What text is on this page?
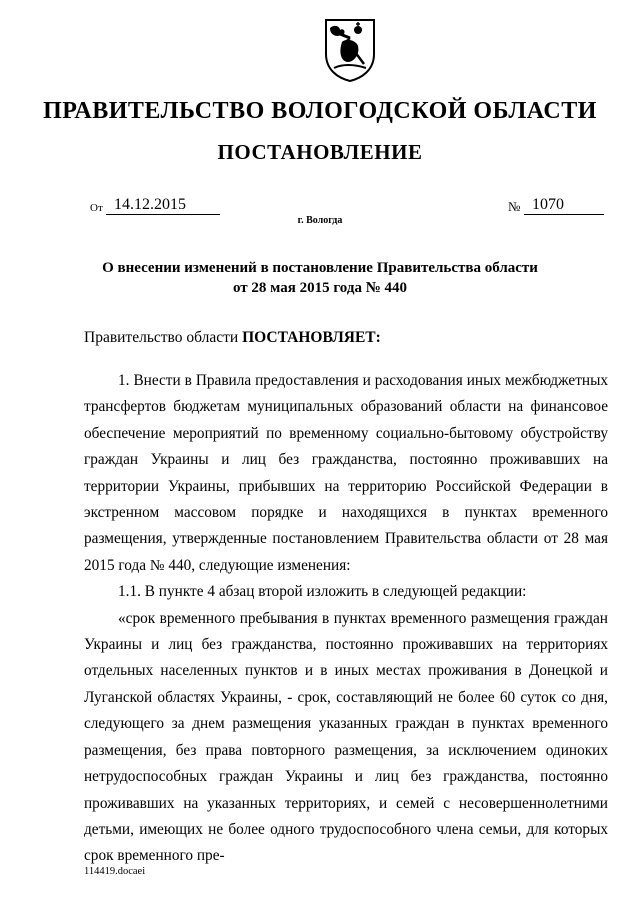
ПРАВИТЕЛЬСТВО ВОЛОГОДСКОЙ ОБЛАСТИ
ПОСТАНОВЛЕНИЕ
От 14.12.2015	№ 1070
г. Вологда
О внесении изменений в постановление Правительства области
от 28 мая 2015 года № 440
Правительство области ПОСТАНОВЛЯЕТ:

1. Внести в Правила предоставления и расходования иных межбюджетных трансфертов бюджетам муниципальных образований области на финансовое обеспечение мероприятий по временному социально-бытовому обустройству граждан Украины и лиц без гражданства, постоянно проживавших на территории Украины, прибывших на территорию Российской Федерации в экстренном массовом порядке и находящихся в пунктах временного размещения, утвержденные постановлением Правительства области от 28 мая 2015 года № 440, следующие изменения:

1.1. В пункте 4 абзац второй изложить в следующей редакции:

«срок временного пребывания в пунктах временного размещения граждан Украины и лиц без гражданства, постоянно проживавших на территориях отдельных населенных пунктов и в иных местах проживания в Донецкой и Луганской областях Украины, - срок, составляющий не более 60 суток со дня, следующего за днем размещения указанных граждан в пунктах временного размещения, без права повторного размещения, за исключением одиноких нетрудоспособных граждан Украины и лиц без гражданства, постоянно проживавших на указанных территориях, и семей с несовершеннолетними детьми, имеющих не более одного трудоспособного члена семьи, для которых срок временного пре-

114419.docaei
